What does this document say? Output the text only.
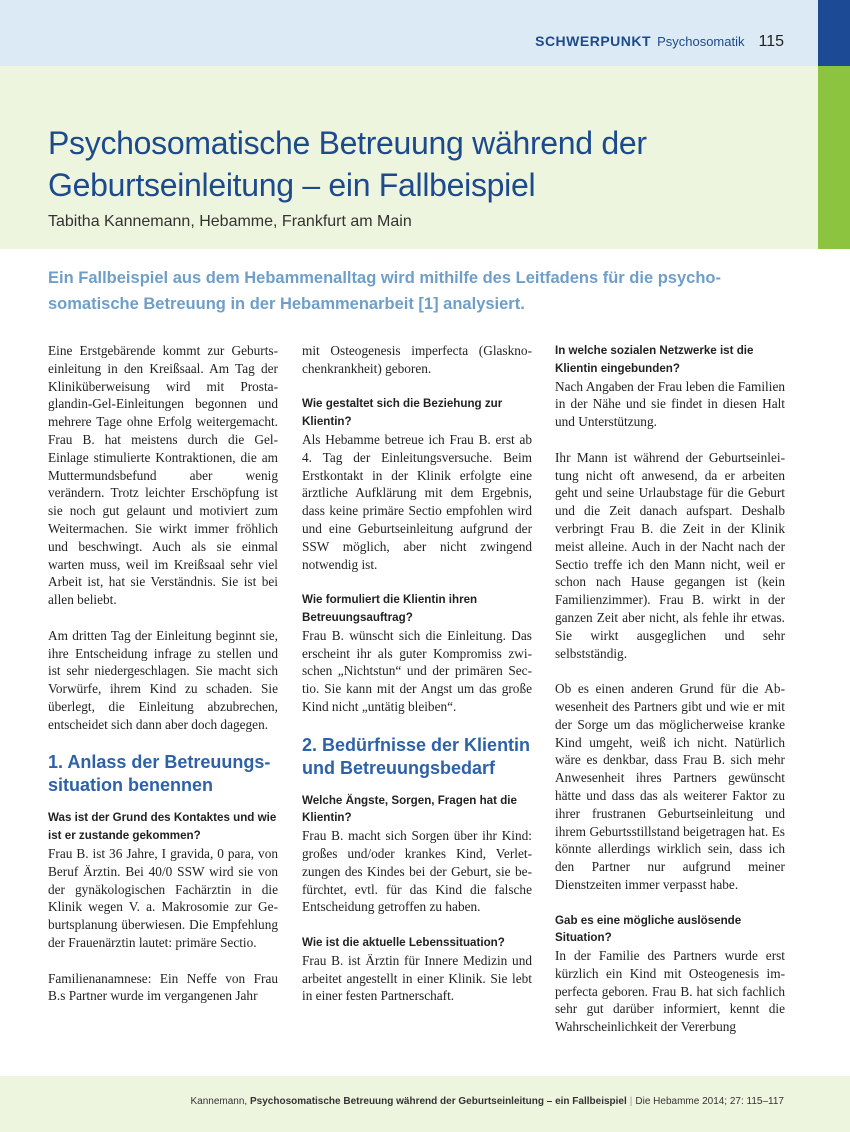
SCHWERPUNKT Psychosomatik 115
Psychosomatische Betreuung während der Geburtseinleitung – ein Fallbeispiel
Tabitha Kannemann, Hebamme, Frankfurt am Main

Ein Fallbeispiel aus dem Hebammenalltag wird mithilfe des Leitfadens für die psychosomatische Betreuung in der Hebammenarbeit [1] analysiert.

Eine Erstgebärende kommt zur Geburtseinleitung in den Kreißsaal. Am Tag der Kliniküberweisung wird mit Prostaglandin-Gel-Einleitungen begonnen und mehrere Tage ohne Erfolg weitergemacht. Frau B. hat meistens durch die Gel-Einlage stimulierte Kontraktionen, die am Muttermundsbefund aber wenig verändern. Trotz leichter Erschöpfung ist sie noch gut gelaunt und motiviert zum Weitermachen. Sie wirkt immer fröhlich und beschwingt. Auch als sie einmal warten muss, weil im Kreißsaal sehr viel Arbeit ist, hat sie Verständnis. Sie ist bei allen beliebt.

Am dritten Tag der Einleitung beginnt sie, ihre Entscheidung infrage zu stellen und ist sehr niedergeschlagen. Sie macht sich Vorwürfe, ihrem Kind zu schaden. Sie überlegt, die Einleitung abzubrechen, entscheidet sich dann aber doch dagegen.

1. Anlass der Betreuungssituation benennen
Was ist der Grund des Kontaktes und wie ist er zustande gekommen?

Frau B. ist 36 Jahre, I gravida, 0 para, von Beruf Ärztin. Bei 40/0 SSW wird sie von der gynäkologischen Fachärztin in die Klinik wegen V. a. Makrosomie zur Geburtsplanung überwiesen. Die Empfehlung der Frauenärztin lautet: primäre Sectio.

Familienanamnese: Ein Neffe von Frau B.s Partner wurde im vergangenen Jahr

mit Osteogenesis imperfecta (Glasknochenkrankheit) geboren.

Wie gestaltet sich die Beziehung zur Klientin?

Als Hebamme betreue ich Frau B. erst ab 4. Tag der Einleitungsversuche. Beim Erstkontakt in der Klinik erfolgte eine ärztliche Aufklärung mit dem Ergebnis, dass keine primäre Sectio empfohlen wird und eine Geburtseinleitung aufgrund der SSW möglich, aber nicht zwingend notwendig ist.

Wie formuliert die Klientin ihren Betreuungsauftrag?

Frau B. wünscht sich die Einleitung. Das erscheint ihr als guter Kompromiss zwischen „Nichtstun“ und der primären Sectio. Sie kann mit der Angst um das große Kind nicht „untätig bleiben“.

2. Bedürfnisse der Klientin und Betreuungsbedarf
Welche Ängste, Sorgen, Fragen hat die Klientin?

Frau B. macht sich Sorgen über ihr Kind: großes und/oder krankes Kind, Verletzungen des Kindes bei der Geburt, sie befürchtet, evtl. für das Kind die falsche Entscheidung getroffen zu haben.

Wie ist die aktuelle Lebenssituation?

Frau B. ist Ärztin für Innere Medizin und arbeitet angestellt in einer Klinik. Sie lebt in einer festen Partnerschaft.

In welche sozialen Netzwerke ist die Klientin eingebunden?

Nach Angaben der Frau leben die Familien in der Nähe und sie findet in diesen Halt und Unterstützung.

Ihr Mann ist während der Geburtseinleitung nicht oft anwesend, da er arbeiten geht und seine Urlaubstage für die Geburt und die Zeit danach aufspart. Deshalb verbringt Frau B. die Zeit in der Klinik meist alleine. Auch in der Nacht nach der Sectio treffe ich den Mann nicht, weil er schon nach Hause gegangen ist (kein Familienzimmer). Frau B. wirkt in der ganzen Zeit aber nicht, als fehle ihr etwas. Sie wirkt ausgeglichen und sehr selbstständig.

Ob es einen anderen Grund für die Abwesenheit des Partners gibt und wie er mit der Sorge um das möglicherweise kranke Kind umgeht, weiß ich nicht. Natürlich wäre es denkbar, dass Frau B. sich mehr Anwesenheit ihres Partners gewünscht hätte und dass das als weiterer Faktor zu ihrer frustranen Geburtseinleitung und ihrem Geburtsstillstand beigetragen hat. Es könnte allerdings wirklich sein, dass ich den Partner nur aufgrund meiner Dienstzeiten immer verpasst habe.

Gab es eine mögliche auslösende Situation?

In der Familie des Partners wurde erst kürzlich ein Kind mit Osteogenesis imperfecta geboren. Frau B. hat sich fachlich sehr gut darüber informiert, kennt die Wahrscheinlichkeit der Vererbung

Kannemann, Psychosomatische Betreuung während der Geburtseinleitung – ein Fallbeispiel | Die Hebamme 2014; 27: 115–117
